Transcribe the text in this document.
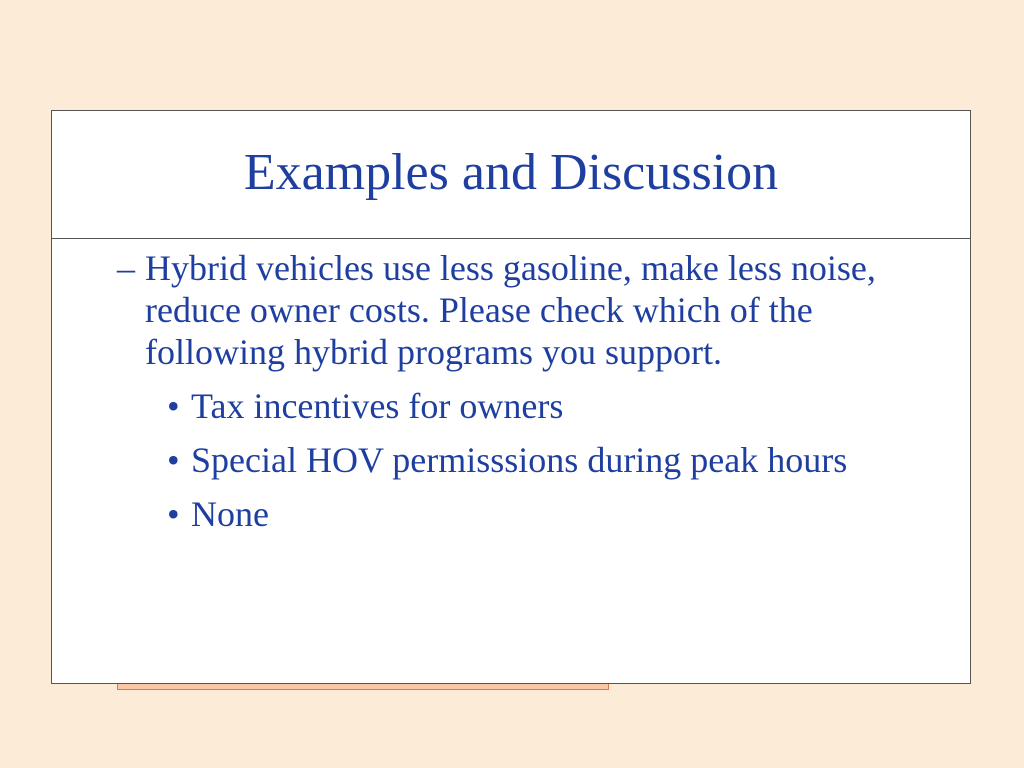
Examples and Discussion
– Hybrid vehicles use less gasoline, make less noise, reduce owner costs. Please check which of the following hybrid programs you support.
• Tax incentives for owners
• Special HOV permisssions during peak hours
• None
